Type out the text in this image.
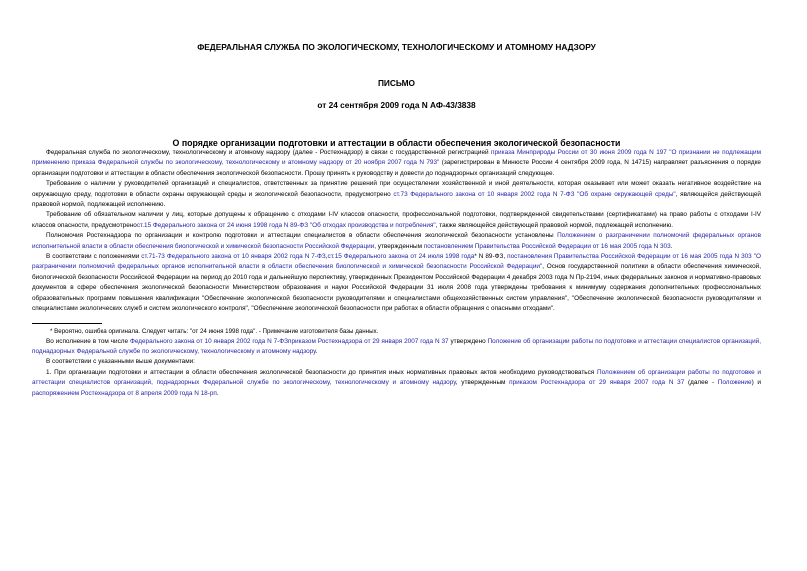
ФЕДЕРАЛЬНАЯ СЛУЖБА ПО ЭКОЛОГИЧЕСКОМУ, ТЕХНОЛОГИЧЕСКОМУ И АТОМНОМУ НАДЗОРУ
ПИСЬМО
от 24 сентября 2009 года N АФ-43/3838
О порядке организации подготовки и аттестации в области обеспечения экологической безопасности

Федеральная служба по экологическому, технологическому и атомному надзору (далее - Ростехнадзор) в связи с государственной регистрацией приказа Минприроды России от 30 июня 2009 года N 197 "О признании не подлежащим применению приказа Федеральной службы по экологическому, технологическому и атомному надзору от 20 ноября 2007 года N 793" (зарегистрирован в Минюсте России 4 сентября 2009 года, N 14715) направляет разъяснения о порядке организации подготовки и аттестации в области обеспечения экологической безопасности. Прошу принять к руководству и довести до поднадзорных организаций следующее.

Требование о наличии у руководителей организаций и специалистов, ответственных за принятие решений при осуществлении хозяйственной и иной деятельности, которая оказывает или может оказать негативное воздействие на окружающую среду, подготовки в области охраны окружающей среды и экологической безопасности, предусмотрено ст.73 Федерального закона от 10 января 2002 года N 7-ФЗ "Об охране окружающей среды", являющейся действующей правовой нормой, подлежащей исполнению.

Требование об обязательном наличии у лиц, которые допущены к обращению с отходами I-IV классов опасности, профессиональной подготовки, подтвержденной свидетельствами (сертификатами) на право работы с отходами I-IV классов опасности, предусмотреност.15 Федерального закона от 24 июня 1998 года N 89-ФЗ "Об отходах производства и потребления", также являющейся действующей правовой нормой, подлежащей исполнению.

Полномочия Ростехнадзора по организации и контролю подготовки и аттестации специалистов в области обеспечения экологической безопасности установлены Положением о разграничении полномочий федеральных органов исполнительной власти в области обеспечения биологической и химической безопасности Российской Федерации, утвержденным постановлением Правительства Российской Федерации от 16 мая 2005 года N 303.

В соответствии с положениями ст.71-73 Федерального закона от 10 января 2002 года N 7-ФЗ,ст.15 Федерального закона от 24 июля 1998 года* N 89-ФЗ, постановления Правительства Российской Федерации от 16 мая 2005 года N 303 "О разграничении полномочий федеральных органов исполнительной власти в области обеспечения биологической и химической безопасности Российской Федерации", Основ государственной политики в области обеспечения химической, биологической безопасности Российской Федерации на период до 2010 года и дальнейшую перспективу, утвержденных Президентом Российской Федерации 4 декабря 2003 года N Пр-2194, иных федеральных законов и нормативно-правовых документов в сфере обеспечения экологической безопасности Министерством образования и науки Российской Федерации 31 июля 2008 года утверждены требования к минимуму содержания дополнительных профессиональных образовательных программ повышения квалификации "Обеспечение экологической безопасности руководителями и специалистами общехозяйственных систем управления", "Обеспечение экологической безопасности руководителями и специалистами экологических служб и систем экологического контроля", "Обеспечение экологической безопасности при работах в области обращения с опасными отходами".

* Вероятно, ошибка оригинала. Следует читать: "от 24 июня 1998 года". - Примечание изготовителя базы данных.

Во исполнение в том числе Федерального закона от 10 января 2002 года N 7-ФЗприказом Ростехнадзора от 29 января 2007 года N 37 утверждено Положение об организации работы по подготовке и аттестации специалистов организаций, поднадзорных Федеральной службе по экологическому, технологическому и атомному надзору.

В соответствии с указанными выше документами:

1. При организации подготовки и аттестации в области обеспечения экологической безопасности до принятия иных нормативных правовых актов необходимо руководствоваться Положением об организации работы по подготовке и аттестации специалистов организаций, поднадзорных Федеральной службе по экологическому, технологическому и атомному надзору, утвержденным приказом Ростехнадзора от 29 января 2007 года N 37 (далее - Положение) и распоряжением Ростехнадзора от 8 апреля 2009 года N 18-рп.
